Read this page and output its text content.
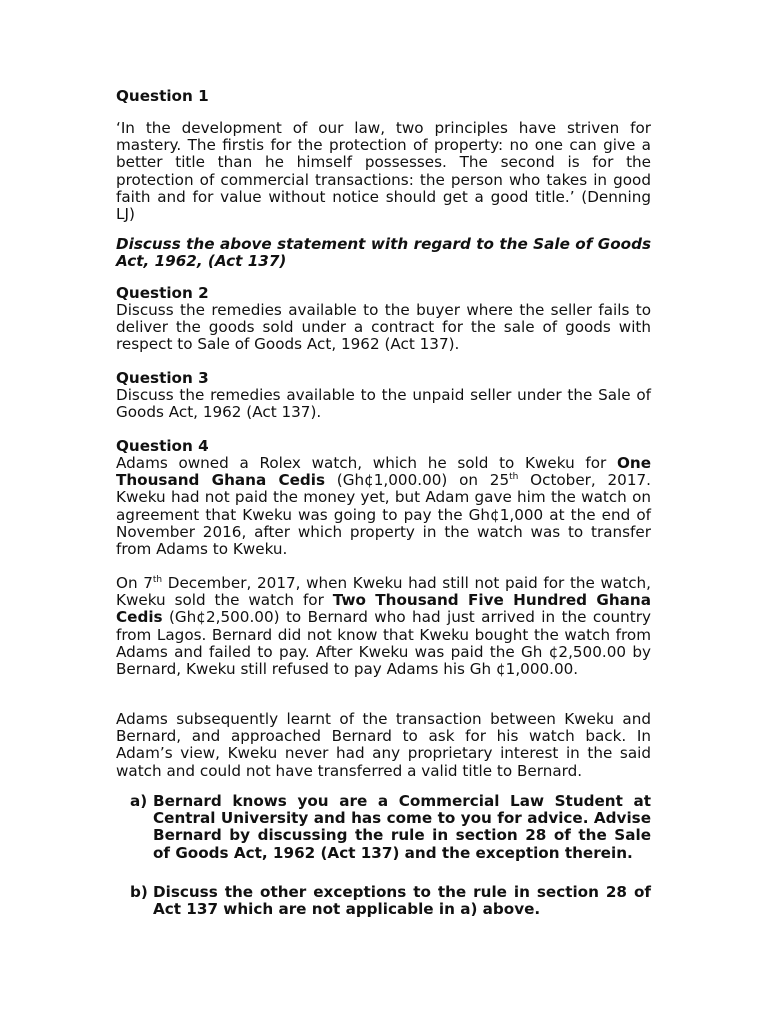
Question 1

‘In the development of our law, two principles have striven for mastery. The firstis for the protection of property: no one can give a better title than he himself possesses. The second is for the protection of commercial transactions: the person who takes in good faith and for value without notice should get a good title.’ (Denning LJ)

Discuss the above statement with regard to the Sale of Goods Act, 1962, (Act 137)

Question 2

Discuss the remedies available to the buyer where the seller fails to deliver the goods sold under a contract for the sale of goods with respect to Sale of Goods Act, 1962 (Act 137).

Question 3

Discuss the remedies available to the unpaid seller under the Sale of Goods Act, 1962 (Act 137).

Question 4

Adams owned a Rolex watch, which he sold to Kweku for One Thousand Ghana Cedis (Gh¢1,000.00) on 25th October, 2017. Kweku had not paid the money yet, but Adam gave him the watch on agreement that Kweku was going to pay the Gh¢1,000 at the end of November 2016, after which property in the watch was to transfer from Adams to Kweku.

On 7th December, 2017, when Kweku had still not paid for the watch, Kweku sold the watch for Two Thousand Five Hundred Ghana Cedis (Gh¢2,500.00) to Bernard who had just arrived in the country from Lagos. Bernard did not know that Kweku bought the watch from Adams and failed to pay. After Kweku was paid the Gh ¢2,500.00 by Bernard, Kweku still refused to pay Adams his Gh ¢1,000.00.

Adams subsequently learnt of the transaction between Kweku and Bernard, and approached Bernard to ask for his watch back. In Adam’s view, Kweku never had any proprietary interest in the said watch and could not have transferred a valid title to Bernard.

a) Bernard knows you are a Commercial Law Student at Central University and has come to you for advice. Advise Bernard by discussing the rule in section 28 of the Sale of Goods Act, 1962 (Act 137) and the exception therein.

b) Discuss the other exceptions to the rule in section 28 of Act 137 which are not applicable in a) above.
